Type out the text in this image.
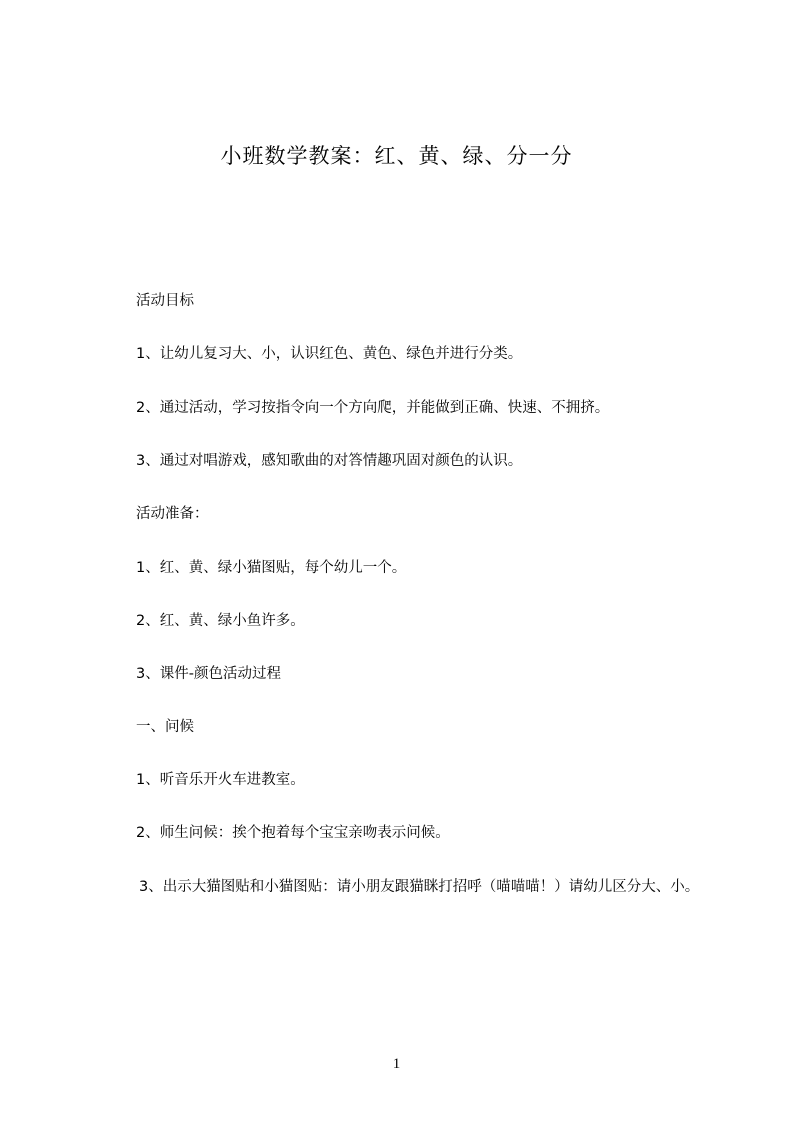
小班数学教案：红、黄、绿、分一分
活动目标
1、让幼儿复习大、小，认识红色、黄色、绿色并进行分类。
2、通过活动，学习按指令向一个方向爬，并能做到正确、快速、不拥挤。
3、通过对唱游戏，感知歌曲的对答情趣巩固对颜色的认识。
活动准备：
1、红、黄、绿小猫图贴，每个幼儿一个。
2、红、黄、绿小鱼许多。
3、课件-颜色活动过程
一、问候
1、听音乐开火车进教室。
2、师生问候：挨个抱着每个宝宝亲吻表示问候。
3、出示大猫图贴和小猫图贴：请小朋友跟猫眯打招呼（喵喵喵！）请幼儿区分大、小。
1
